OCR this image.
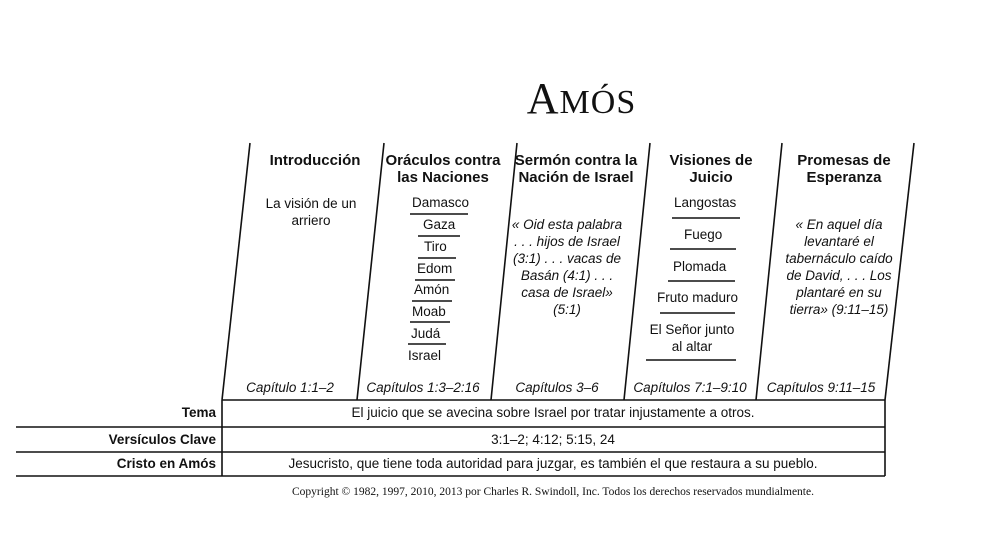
AMÓS
Introducción
La visión de un arriero
Capítulo 1:1–2
Oráculos contra las Naciones
Damasco
Gaza
Tiro
Edom
Amón
Moab
Judá
Israel
Capítulos 1:3–2:16
Sermón contra la Nación de Israel
« Oid esta palabra . . . hijos de Israel (3:1) . . . vacas de Basán (4:1) . . . casa de Israel» (5:1)
Capítulos 3–6
Visiones de Juicio
Langostas
Fuego
Plomada
Fruto maduro
El Señor junto al altar
Capítulos 7:1–9:10
Promesas de Esperanza
« En aquel día levantaré el tabernáculo caído de David, . . . Los plantaré en su tierra» (9:11–15)
Capítulos 9:11–15
Tema	El juicio que se avecina sobre Israel por tratar injustamente a otros.
Versículos Clave	3:1–2; 4:12; 5:15, 24
Cristo en Amós	Jesucristo, que tiene toda autoridad para juzgar, es también el que restaura a su pueblo.
Copyright © 1982, 1997, 2010, 2013 por Charles R. Swindoll, Inc. Todos los derechos reservados mundialmente.
